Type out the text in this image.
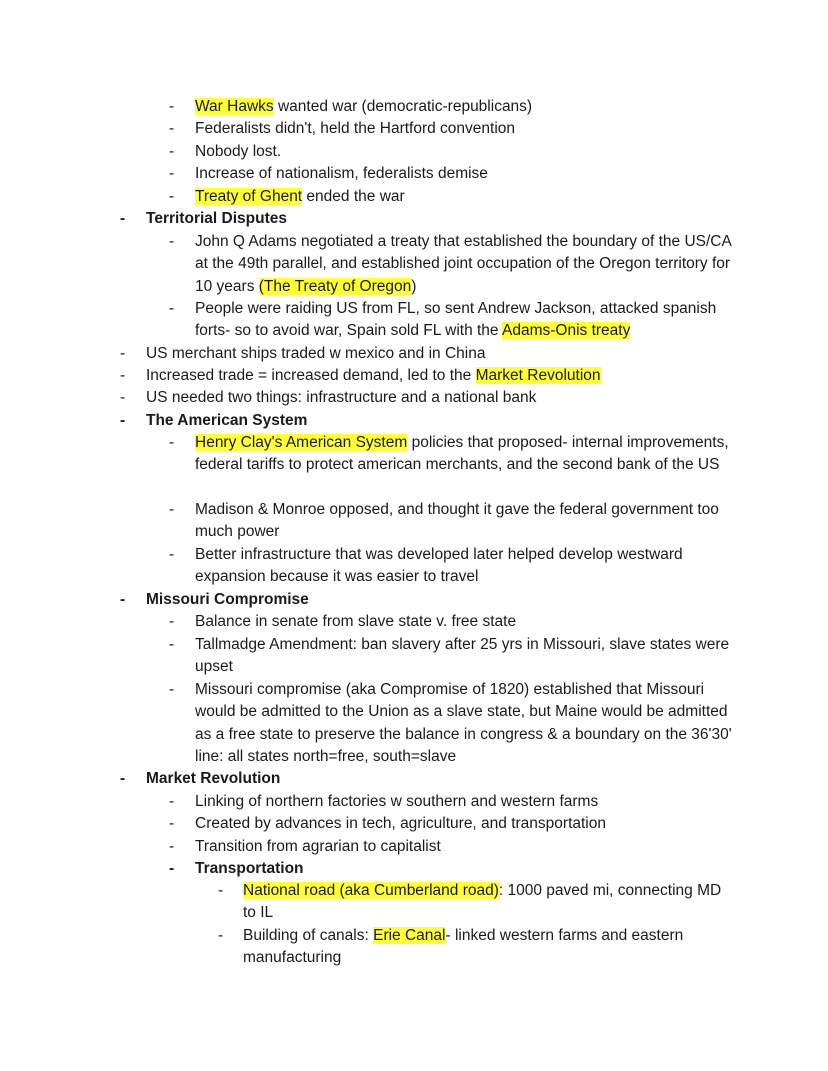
- War Hawks wanted war (democratic-republicans)
- Federalists didn't, held the Hartford convention
- Nobody lost.
- Increase of nationalism, federalists demise
- Treaty of Ghent ended the war
- Territorial Disputes
- John Q Adams negotiated a treaty that established the boundary of the US/CA at the 49th parallel, and established joint occupation of the Oregon territory for 10 years (The Treaty of Oregon)
- People were raiding US from FL, so sent Andrew Jackson, attacked spanish forts- so to avoid war, Spain sold FL with the Adams-Onis treaty
- US merchant ships traded w mexico and in China
- Increased trade = increased demand, led to the Market Revolution
- US needed two things: infrastructure and a national bank
- The American System
- Henry Clay's American System policies that proposed- internal improvements, federal tariffs to protect american merchants, and the second bank of the US
- Madison & Monroe opposed, and thought it gave the federal government too much power
- Better infrastructure that was developed later helped develop westward expansion because it was easier to travel
- Missouri Compromise
- Balance in senate from slave state v. free state
- Tallmadge Amendment: ban slavery after 25 yrs in Missouri, slave states were upset
- Missouri compromise (aka Compromise of 1820) established that Missouri would be admitted to the Union as a slave state, but Maine would be admitted as a free state to preserve the balance in congress & a boundary on the 36'30' line: all states north=free, south=slave
- Market Revolution
- Linking of northern factories w southern and western farms
- Created by advances in tech, agriculture, and transportation
- Transition from agrarian to capitalist
- Transportation
- National road (aka Cumberland road): 1000 paved mi, connecting MD to IL
- Building of canals: Erie Canal- linked western farms and eastern manufacturing
